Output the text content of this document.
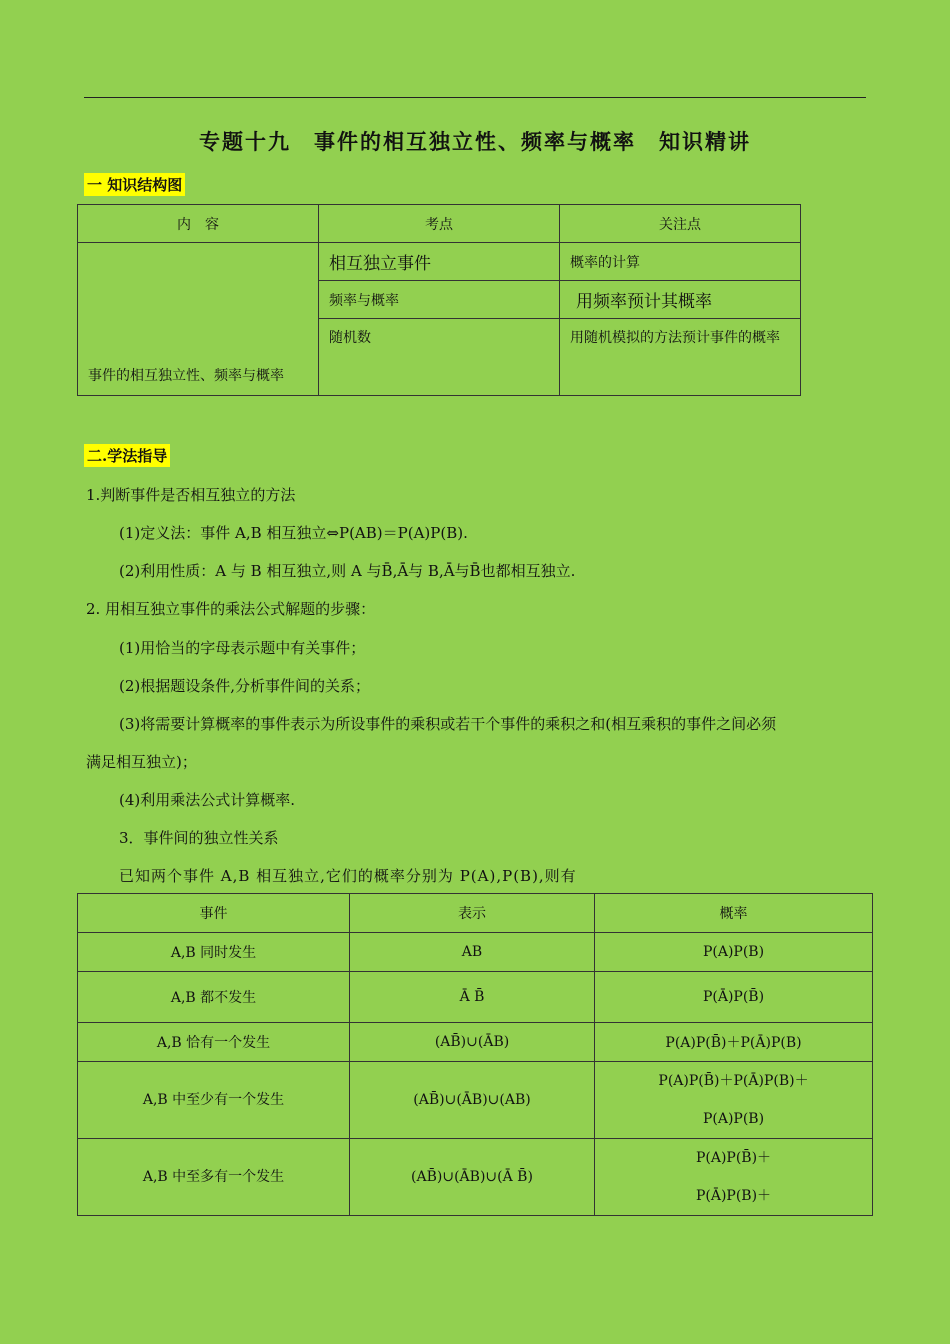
专题十九　事件的相互独立性、频率与概率　知识精讲
一 知识结构图
内　容	考点	关注点
事件的相互独立性、频率与概率	相互独立事件	概率的计算
	频率与概率	用频率预计其概率
	随机数	用随机模拟的方法预计事件的概率
二.学法指导
1.判断事件是否相互独立的方法
(1)定义法：事件 A,B 相互独立⇔P(AB)＝P(A)P(B).
(2)利用性质：A 与 B 相互独立,则 A 与B̄,Ā与 B,Ā与B̄也都相互独立.
2. 用相互独立事件的乘法公式解题的步骤：
(1)用恰当的字母表示题中有关事件；
(2)根据题设条件,分析事件间的关系；
(3)将需要计算概率的事件表示为所设事件的乘积或若干个事件的乘积之和(相互乘积的事件之间必须
满足相互独立)；
(4)利用乘法公式计算概率.
3．事件间的独立性关系
已知两个事件 A,B 相互独立,它们的概率分别为 P(A),P(B),则有
事件	表示	概率
A,B 同时发生	AB	P(A)P(B)
A,B 都不发生	Ā B̄	P(Ā)P(B̄)
A,B 恰有一个发生	(AB̄)∪(ĀB)	P(A)P(B̄)＋P(Ā)P(B)
A,B 中至少有一个发生	(AB̄)∪(ĀB)∪(AB)	P(A)P(B̄)＋P(Ā)P(B)＋P(A)P(B)
A,B 中至多有一个发生	(AB̄)∪(ĀB)∪(Ā B̄)	P(A)P(B̄)＋P(Ā)P(B)＋
